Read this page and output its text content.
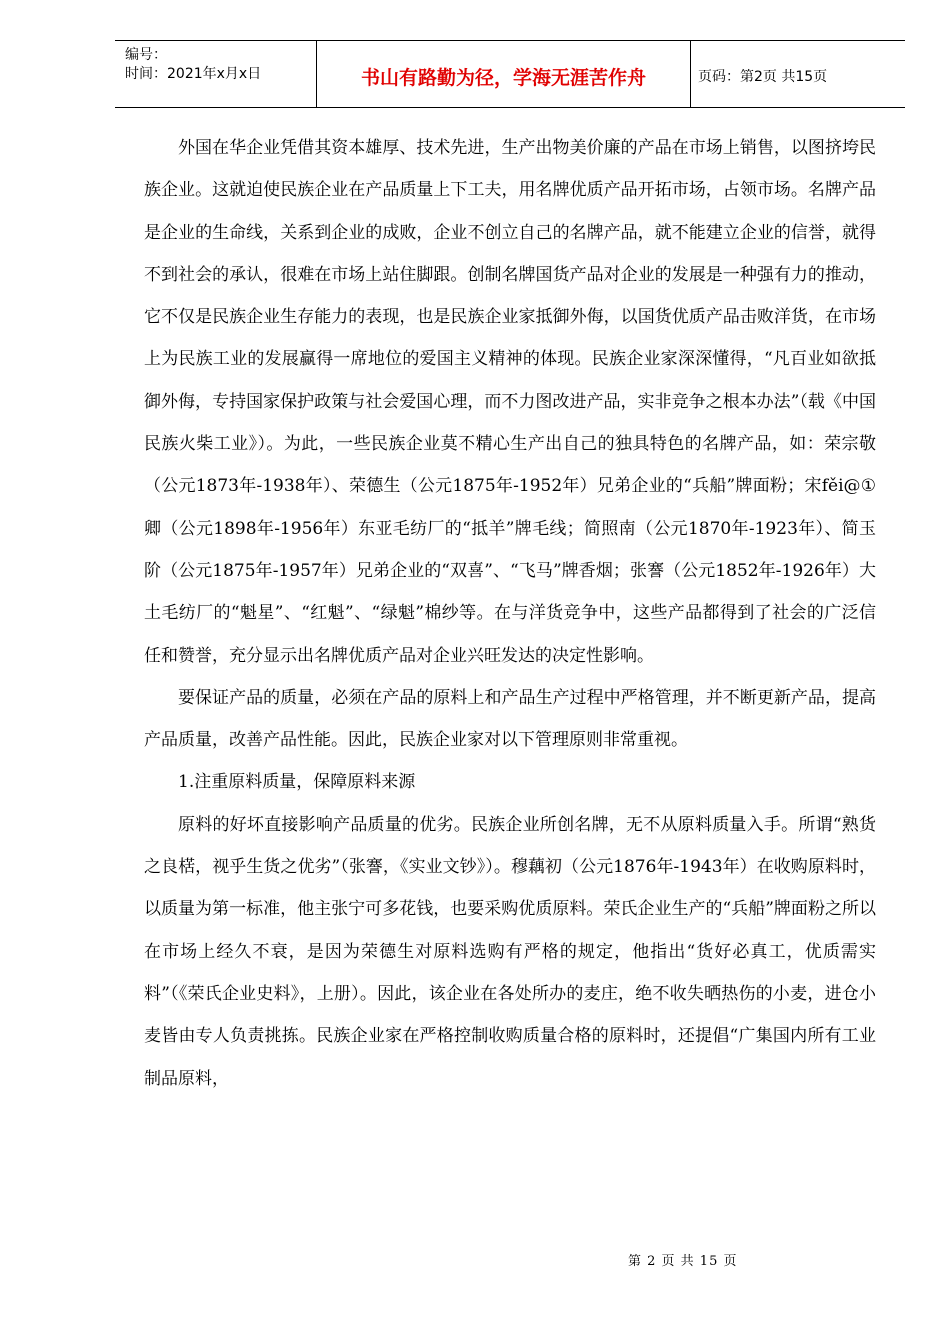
编号：
时间：2021年x月x日	书山有路勤为径，学海无涯苦作舟	页码：第2页 共15页

外国在华企业凭借其资本雄厚、技术先进，生产出物美价廉的产品在市场上销售，以图挤垮民族企业。这就迫使民族企业在产品质量上下工夫，用名牌优质产品开拓市场，占领市场。名牌产品是企业的生命线，关系到企业的成败，企业不创立自己的名牌产品，就不能建立企业的信誉，就得不到社会的承认，很难在市场上站住脚跟。创制名牌国货产品对企业的发展是一种强有力的推动，它不仅是民族企业生存能力的表现，也是民族企业家抵御外侮，以国货优质产品击败洋货，在市场上为民族工业的发展赢得一席地位的爱国主义精神的体现。民族企业家深深懂得，“凡百业如欲抵御外侮，专持国家保护政策与社会爱国心理，而不力图改进产品，实非竞争之根本办法”（载《中国民族火柴工业》）。为此，一些民族企业莫不精心生产出自己的独具特色的名牌产品，如：荣宗敬（公元1873年-1938年）、荣德生（公元1875年-1952年）兄弟企业的“兵船”牌面粉；宋fěi@①卿（公元1898年-1956年）东亚毛纺厂的“抵羊”牌毛线；简照南（公元1870年-1923年）、简玉阶（公元1875年-1957年）兄弟企业的“双喜”、“飞马”牌香烟；张謇（公元1852年-1926年）大土毛纺厂的“魁星”、“红魁”、“绿魁”棉纱等。在与洋货竞争中，这些产品都得到了社会的广泛信任和赞誉，充分显示出名牌优质产品对企业兴旺发达的决定性影响。

要保证产品的质量，必须在产品的原料上和产品生产过程中严格管理，并不断更新产品，提高产品质量，改善产品性能。因此，民族企业家对以下管理原则非常重视。

1.注重原料质量，保障原料来源

原料的好坏直接影响产品质量的优劣。民族企业所创名牌，无不从原料质量入手。所谓“熟货之良楛，视乎生货之优劣”（张謇，《实业文钞》）。穆藕初（公元1876年-1943年）在收购原料时，以质量为第一标准，他主张宁可多花钱，也要采购优质原料。荣氏企业生产的“兵船”牌面粉之所以在市场上经久不衰，是因为荣德生对原料选购有严格的规定，他指出“货好必真工，优质需实料”（《荣氏企业史料》，上册）。因此，该企业在各处所办的麦庄，绝不收失晒热伤的小麦，进仓小麦皆由专人负责挑拣。民族企业家在严格控制收购质量合格的原料时，还提倡“广集国内所有工业制品原料，

第 2 页 共 15 页
